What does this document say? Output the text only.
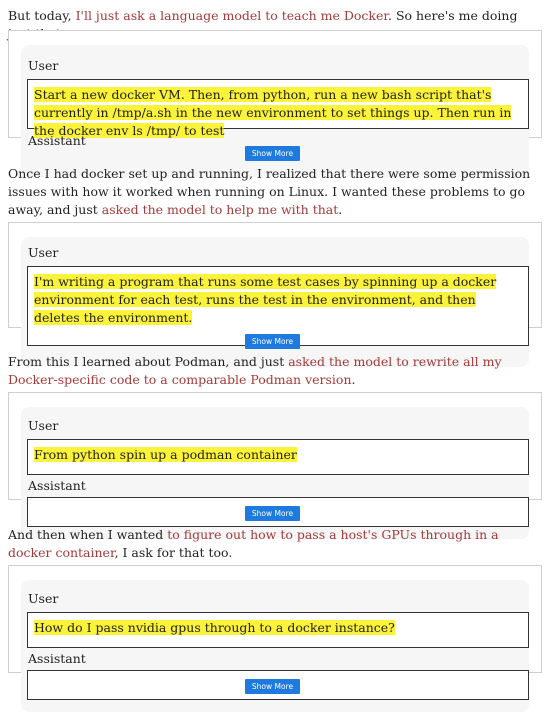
But today, I'll just ask a language model to teach me Docker. So here's me doing

User
Start a new docker VM. Then, from python, run a new bash script that's currently in /tmp/a.sh in the new environment to set things up. Then run in the docker env ls /tmp/ to test
Assistant
Show More

Once I had docker set up and running, I realized that there were some permission issues with how it worked when running on Linux. I wanted these problems to go away, and just asked the model to help me with that.

User
I'm writing a program that runs some test cases by spinning up a docker environment for each test, runs the test in the environment, and then deletes the environment.
Show More

From this I learned about Podman, and just asked the model to rewrite all my Docker-specific code to a comparable Podman version.

User
From python spin up a podman container
Assistant
Show More

And then when I wanted to figure out how to pass a host's GPUs through in a docker container, I ask for that too.

User
How do I pass nvidia gpus through to a docker instance?
Assistant
Show More
